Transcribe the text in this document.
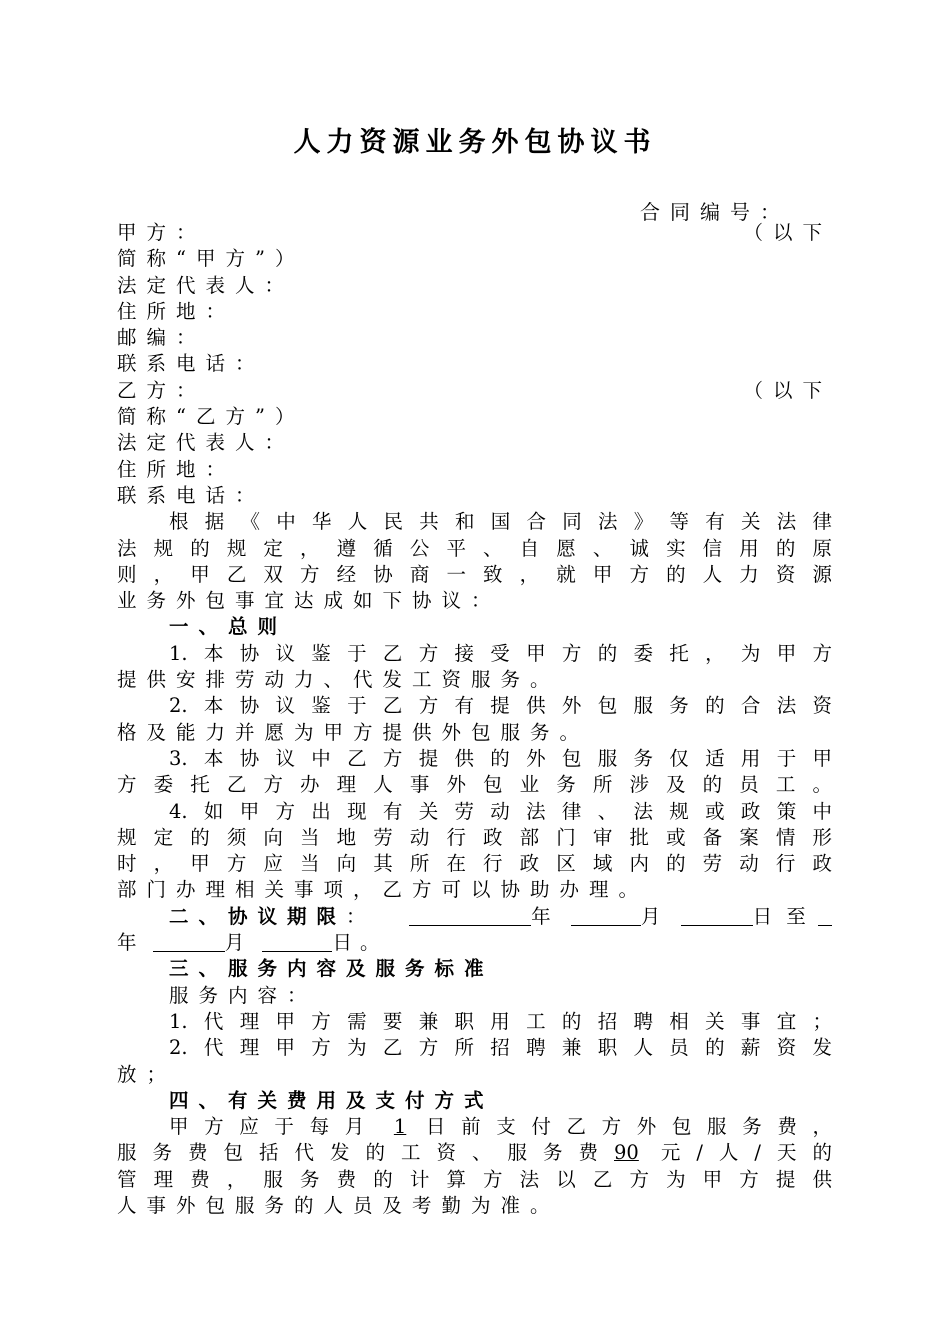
人力资源业务外包协议书
合同编号：
甲方：	（以下
简称“甲方”）
法定代表人：
住所地：
邮编：
联系电话：
乙方：	（以下
简称“乙方”）
法定代表人：
住所地：
联系电话：
根​据​《​中​华​人​民​共​和​国​合​同​法​》​等​有​关​法​律
法​规​的​规​定​，​遵​循​公​平​、​自​愿​、​诚​实​信​用​的​原
则​，​甲​乙​双​方​经​协​商​一​致​，​就​甲​方​的​人​力​资​源
业务外包事宜达成如下协议：
一、总则
1​.​本​协​议​鉴​于​乙​方​接​受​甲​方​的​委​托​，​为​甲​方
提供安排劳动力、代发工资服务。
2​.​本​协​议​鉴​于​乙​方​有​提​供​外​包​服​务​的​合​法​资
格及能力并愿为甲方提供外包服务。
3​.​本​协​议​中​乙​方​提​供​的​外​包​服​务​仅​适​用​于​甲
方​委​托​乙​方​办​理​人​事​外​包​业​务​所​涉​及​的​员​工​。
4​.​如​甲​方​出​现​有​关​劳​动​法​律​、​法​规​或​政​策​中
规​定​的​须​向​当​地​劳​动​行​政​部​门​审​批​或​备​案​情​形
时​，​甲​方​应​当​向​其​所​在​行​政​区​域​内​的​劳​动​行​政
部门办理相关事项，乙方可以协助办理。
二、协议期限：	年	月	日 至
年	月	日 。
三、服务内容及服务标准
服务内容：
1​.​代​理​甲​方​需​要​兼​职​用​工​的​招​聘​相​关​事​宜​；
2​.​代​理​甲​方​为​乙​方​所​招​聘​兼​职​人​员​的​薪​资​发
放；
四、有关费用及支付方式
甲方应于每月 1 日前支付乙方外包服务费，
服务费包括代发的工资、服务费90 元/人/天的
管​理​费​，​服​务​费​的​计​算​方​法​以​乙​方​为​甲​方​提​供
人事外包服务的人员及考勤为准。
